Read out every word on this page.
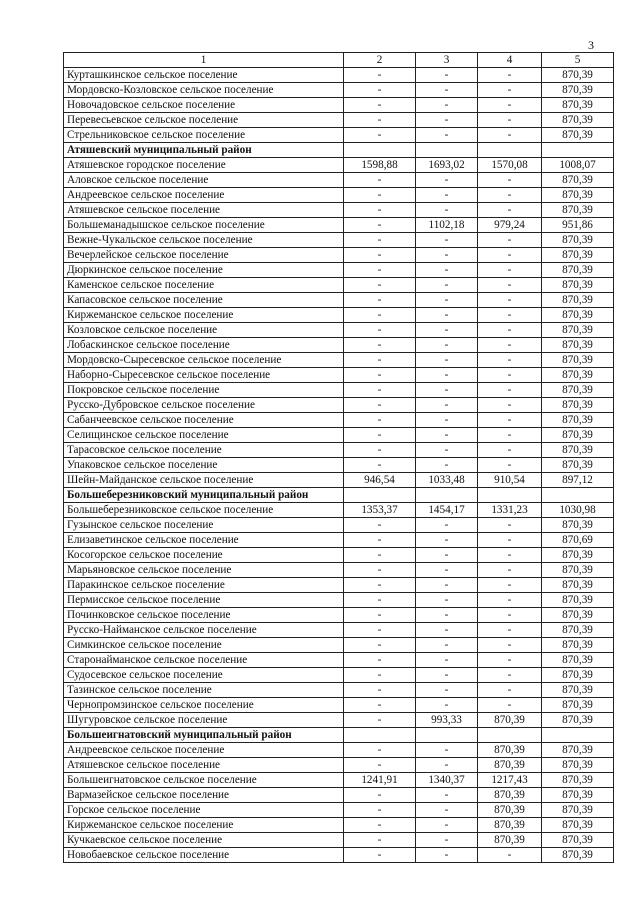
3
1	2	3	4	5
Курташкинское сельское поселение	-	-	-	870,39
Мордовско-Козловское сельское поселение	-	-	-	870,39
Новочадовское сельское поселение	-	-	-	870,39
Перевесьевское сельское поселение	-	-	-	870,39
Стрельниковское сельское поселение	-	-	-	870,39
Атяшевский муниципальный район				
Атяшевское городское поселение	1598,88	1693,02	1570,08	1008,07
Аловское сельское поселение	-	-	-	870,39
Андреевское сельское поселение	-	-	-	870,39
Атяшевское сельское поселение	-	-	-	870,39
Большеманадышское сельское поселение	-	1102,18	979,24	951,86
Вежне-Чукальское сельское поселение	-	-	-	870,39
Вечерлейское сельское поселение	-	-	-	870,39
Дюркинское сельское поселение	-	-	-	870,39
Каменское сельское поселение	-	-	-	870,39
Капасовское сельское поселение	-	-	-	870,39
Киржеманское сельское поселение	-	-	-	870,39
Козловское сельское поселение	-	-	-	870,39
Лобаскинское сельское поселение	-	-	-	870,39
Мордовско-Сыресевское сельское поселение	-	-	-	870,39
Наборно-Сыресевское сельское поселение	-	-	-	870,39
Покровское сельское поселение	-	-	-	870,39
Русско-Дубровское сельское поселение	-	-	-	870,39
Сабанчеевское сельское поселение	-	-	-	870,39
Селищинское сельское поселение	-	-	-	870,39
Тарасовское сельское поселение	-	-	-	870,39
Упаковское сельское поселение	-	-	-	870,39
Шейн-Майданское сельское поселение	946,54	1033,48	910,54	897,12
Большеберезниковский муниципальный район				
Большеберезниковское сельское поселение	1353,37	1454,17	1331,23	1030,98
Гузынское сельское поселение	-	-	-	870,39
Елизаветинское сельское поселение	-	-	-	870,69
Косогорское сельское поселение	-	-	-	870,39
Марьяновское сельское поселение	-	-	-	870,39
Паракинское сельское поселение	-	-	-	870,39
Пермисское сельское поселение	-	-	-	870,39
Починковское сельское поселение	-	-	-	870,39
Русско-Найманское сельское поселение	-	-	-	870,39
Симкинское сельское поселение	-	-	-	870,39
Старонайманское сельское поселение	-	-	-	870,39
Судосевское сельское поселение	-	-	-	870,39
Тазинское сельское поселение	-	-	-	870,39
Чернопромзинское сельское поселение	-	-	-	870,39
Шугуровское сельское поселение	-	993,33	870,39	870,39
Большеигнатовский муниципальный район				
Андреевское сельское поселение	-	-	870,39	870,39
Атяшевское сельское поселение	-	-	870,39	870,39
Большеигнатовское сельское поселение	1241,91	1340,37	1217,43	870,39
Вармазейское сельское поселение	-	-	870,39	870,39
Горское сельское поселение	-	-	870,39	870,39
Киржеманское сельское поселение	-	-	870,39	870,39
Кучкаевское сельское поселение	-	-	870,39	870,39
Новобаевское сельское поселение	-	-	-	870,39
